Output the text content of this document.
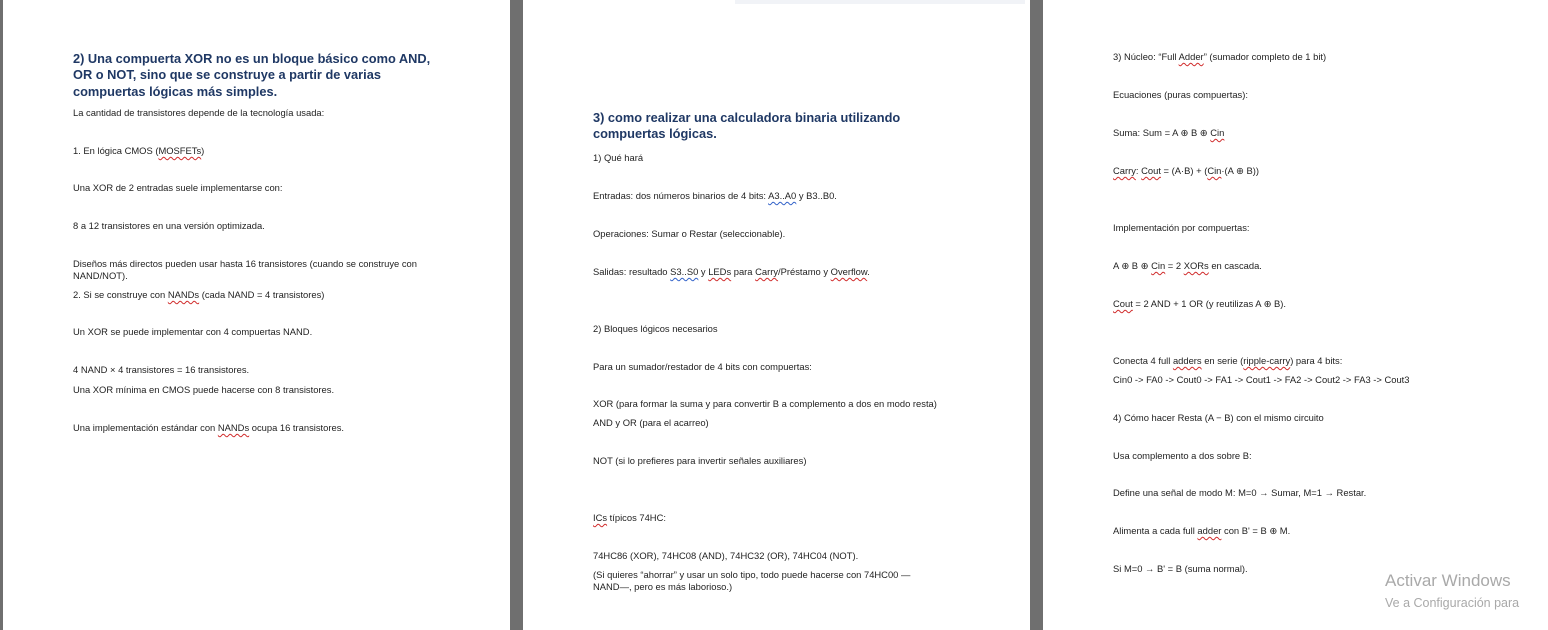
2) Una compuerta XOR no es un bloque básico como AND, OR o NOT, sino que se construye a partir de varias compuertas lógicas más simples.
La cantidad de transistores depende de la tecnología usada:
1. En lógica CMOS (MOSFETs)
Una XOR de 2 entradas suele implementarse con:
8 a 12 transistores en una versión optimizada.
Diseños más directos pueden usar hasta 16 transistores (cuando se construye con NAND/NOT).
2. Si se construye con NANDs (cada NAND = 4 transistores)
Un XOR se puede implementar con 4 compuertas NAND.
4 NAND × 4 transistores = 16 transistores.
Una XOR mínima en CMOS puede hacerse con 8 transistores.
Una implementación estándar con NANDs ocupa 16 transistores.
3) como realizar una calculadora binaria utilizando compuertas lógicas.
1) Qué hará
Entradas: dos números binarios de 4 bits: A3..A0 y B3..B0.
Operaciones: Sumar o Restar (seleccionable).
Salidas: resultado S3..S0 y LEDs para Carry/Préstamo y Overflow.
2) Bloques lógicos necesarios
Para un sumador/restador de 4 bits con compuertas:
XOR (para formar la suma y para convertir B a complemento a dos en modo resta)
AND y OR (para el acarreo)
NOT (si lo prefieres para invertir señales auxiliares)
ICs típicos 74HC:
74HC86 (XOR), 74HC08 (AND), 74HC32 (OR), 74HC04 (NOT).
(Si quieres “ahorrar” y usar un solo tipo, todo puede hacerse con 74HC00 — NAND—, pero es más laborioso.)
3) Núcleo: “Full Adder” (sumador completo de 1 bit)
Ecuaciones (puras compuertas):
Suma: Sum = A ⊕ B ⊕ Cin
Carry: Cout = (A·B) + (Cin·(A ⊕ B))
Implementación por compuertas:
A ⊕ B ⊕ Cin = 2 XORs en cascada.
Cout = 2 AND + 1 OR (y reutilizas A ⊕ B).
Conecta 4 full adders en serie (ripple-carry) para 4 bits:
Cin0 -> FA0 -> Cout0 -> FA1 -> Cout1 -> FA2 -> Cout2 -> FA3 -> Cout3
4) Cómo hacer Resta (A − B) con el mismo circuito
Usa complemento a dos sobre B:
Define una señal de modo M: M=0 → Sumar, M=1 → Restar.
Alimenta a cada full adder con B' = B ⊕ M.
Si M=0 → B' = B (suma normal).
Activar Windows
Ve a Configuración para
